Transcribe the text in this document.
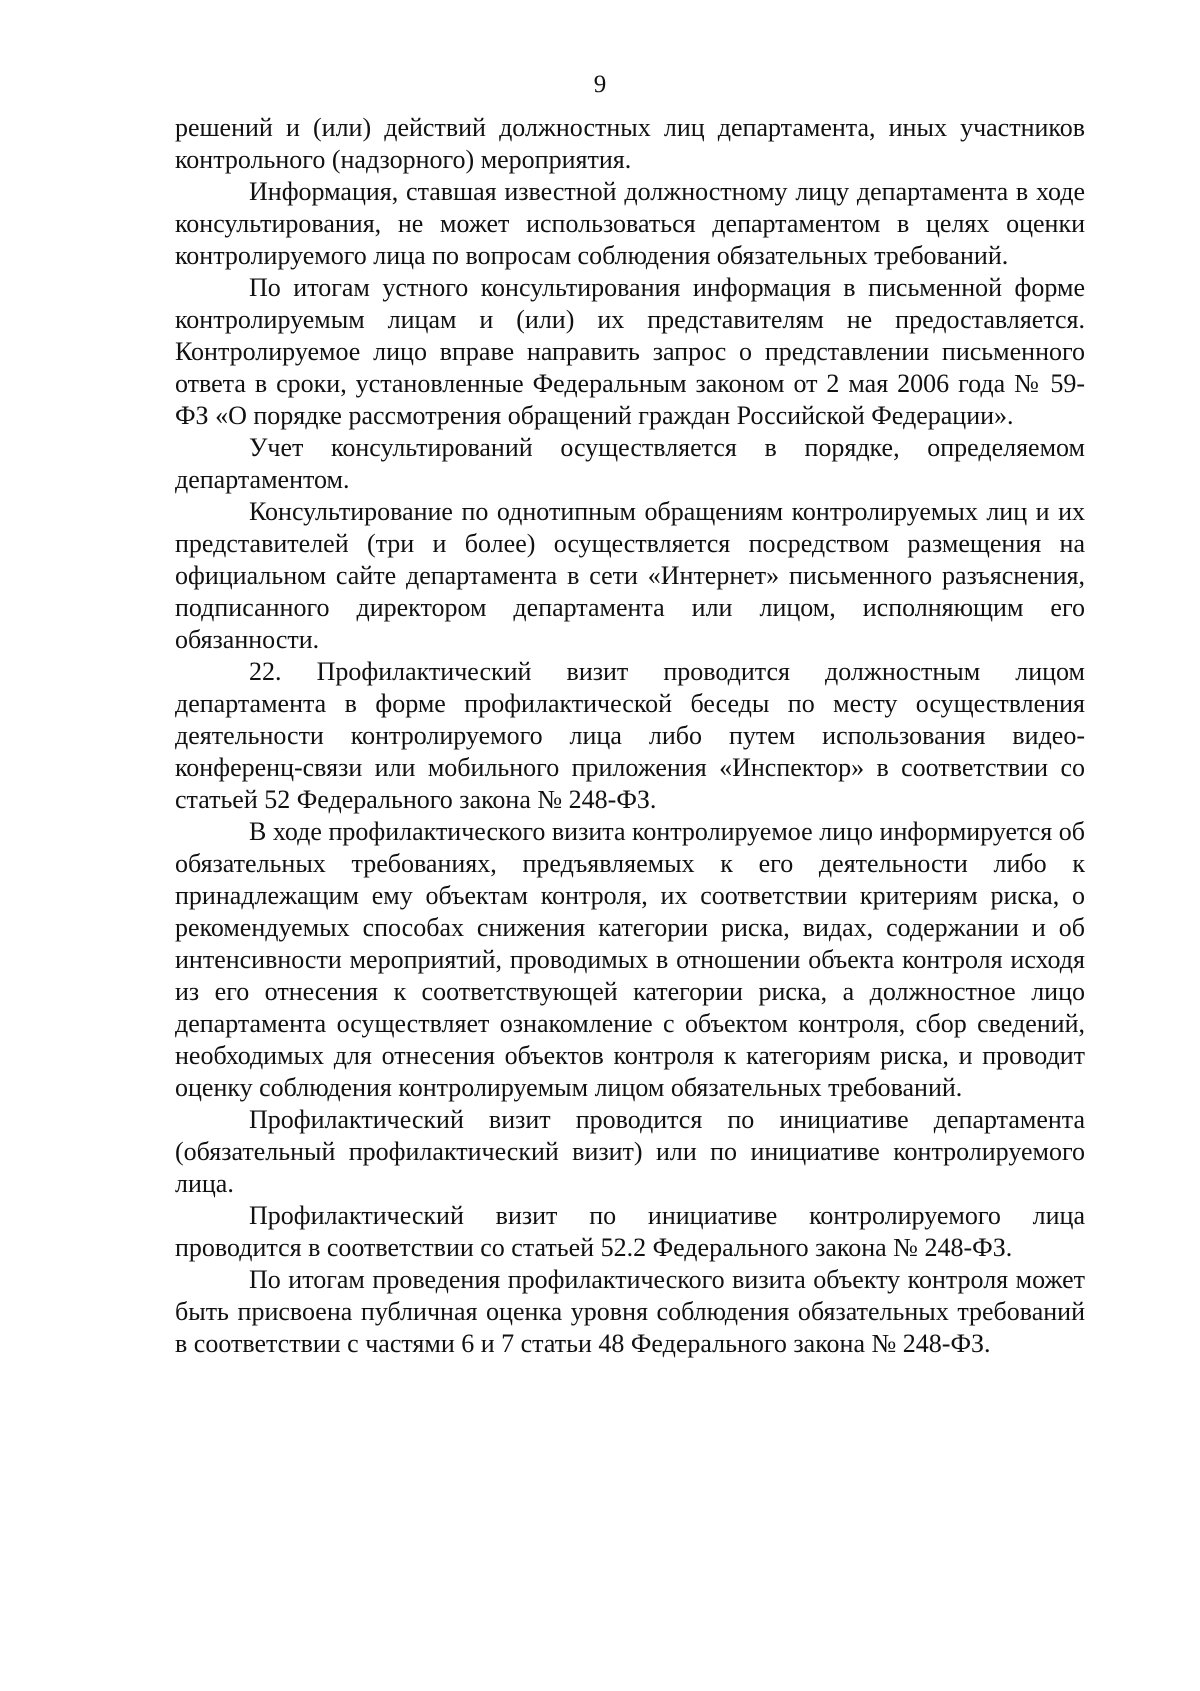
9

решений и (или) действий должностных лиц департамента, иных участников контрольного (надзорного) мероприятия.

Информация, ставшая известной должностному лицу департамента в ходе консультирования, не может использоваться департаментом в целях оценки контролируемого лица по вопросам соблюдения обязательных требований.

По итогам устного консультирования информация в письменной форме контролируемым лицам и (или) их представителям не предоставляется. Контролируемое лицо вправе направить запрос о представлении письменного ответа в сроки, установленные Федеральным законом от 2 мая 2006 года № 59-ФЗ «О порядке рассмотрения обращений граждан Российской Федерации».

Учет консультирований осуществляется в порядке, определяемом департаментом.

Консультирование по однотипным обращениям контролируемых лиц и их представителей (три и более) осуществляется посредством размещения на официальном сайте департамента в сети «Интернет» письменного разъяснения, подписанного директором департамента или лицом, исполняющим его обязанности.

22. Профилактический визит проводится должностным лицом департамента в форме профилактической беседы по месту осуществления деятельности контролируемого лица либо путем использования видео-конференц-связи или мобильного приложения «Инспектор» в соответствии со статьей 52 Федерального закона № 248-ФЗ.

В ходе профилактического визита контролируемое лицо информируется об обязательных требованиях, предъявляемых к его деятельности либо к принадлежащим ему объектам контроля, их соответствии критериям риска, о рекомендуемых способах снижения категории риска, видах, содержании и об интенсивности мероприятий, проводимых в отношении объекта контроля исходя из его отнесения к соответствующей категории риска, а должностное лицо департамента осуществляет ознакомление с объектом контроля, сбор сведений, необходимых для отнесения объектов контроля к категориям риска, и проводит оценку соблюдения контролируемым лицом обязательных требований.

Профилактический визит проводится по инициативе департамента (обязательный профилактический визит) или по инициативе контролируемого лица.

Профилактический визит по инициативе контролируемого лица проводится в соответствии со статьей 52.2 Федерального закона № 248-ФЗ.

По итогам проведения профилактического визита объекту контроля может быть присвоена публичная оценка уровня соблюдения обязательных требований в соответствии с частями 6 и 7 статьи 48 Федерального закона № 248-ФЗ.
